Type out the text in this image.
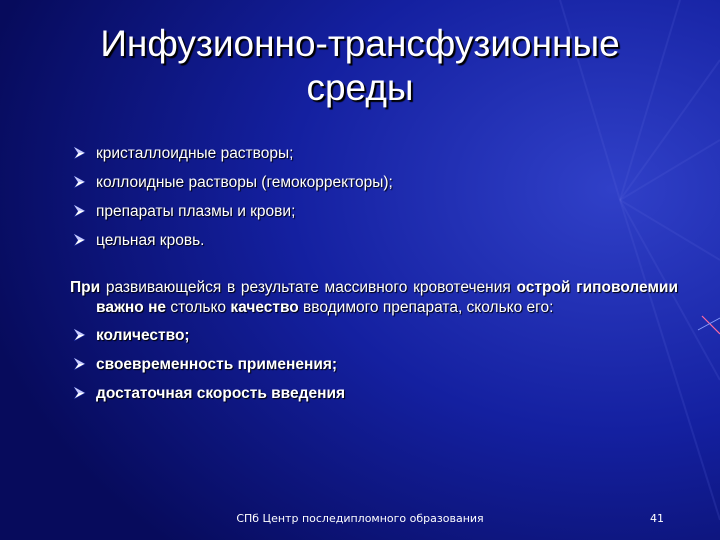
Инфузионно-трансфузионные
среды
кристаллоидные растворы;
коллоидные растворы (гемокорректоры);
препараты плазмы и крови;
цельная кровь.
При развивающейся в результате массивного кровотечения острой гиповолемии важно не столько качество вводимого препарата, сколько его:
количество;
своевременность применения;
достаточная скорость введения
СПб Центр последипломного образования	41
